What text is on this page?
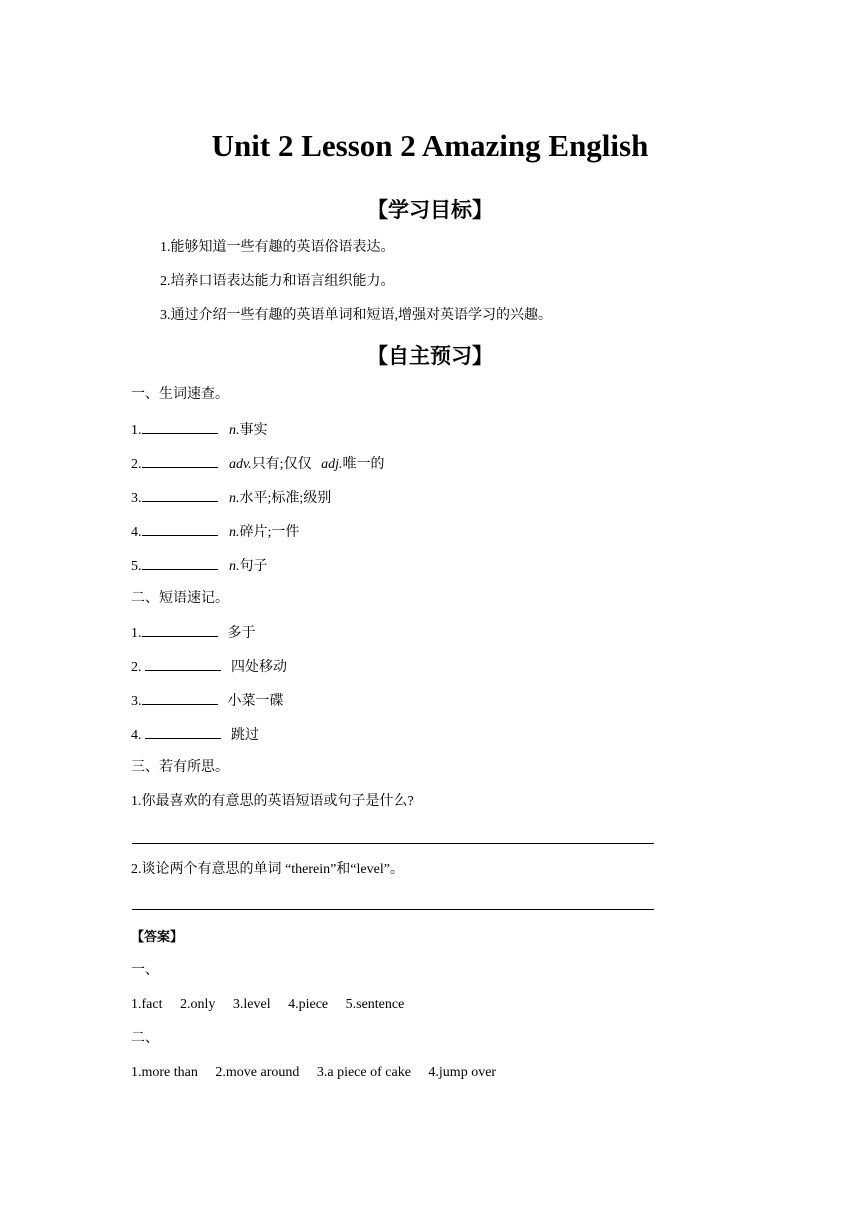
Unit 2 Lesson 2 Amazing English
【学习目标】
1.能够知道一些有趣的英语俗语表达。
2.培养口语表达能力和语言组织能力。
3.通过介绍一些有趣的英语单词和短语,增强对英语学习的兴趣。
【自主预习】
一、生词速查。
1.	n.事实
2.	adv.只有;仅仅 adj.唯一的
3.	n.水平;标准;级别
4.	n.碎片;一件
5.	n.句子
二、短语速记。
1.	多于
2.	四处移动
3.	小菜一碟
4.	跳过
三、若有所思。
1.你最喜欢的有意思的英语短语或句子是什么?
2.谈论两个有意思的单词 “therein”和“level”。
【答案】
一、
1.fact 2.only 3.level 4.piece 5.sentence
二、
1.more than 2.move around 3.a piece of cake 4.jump over
